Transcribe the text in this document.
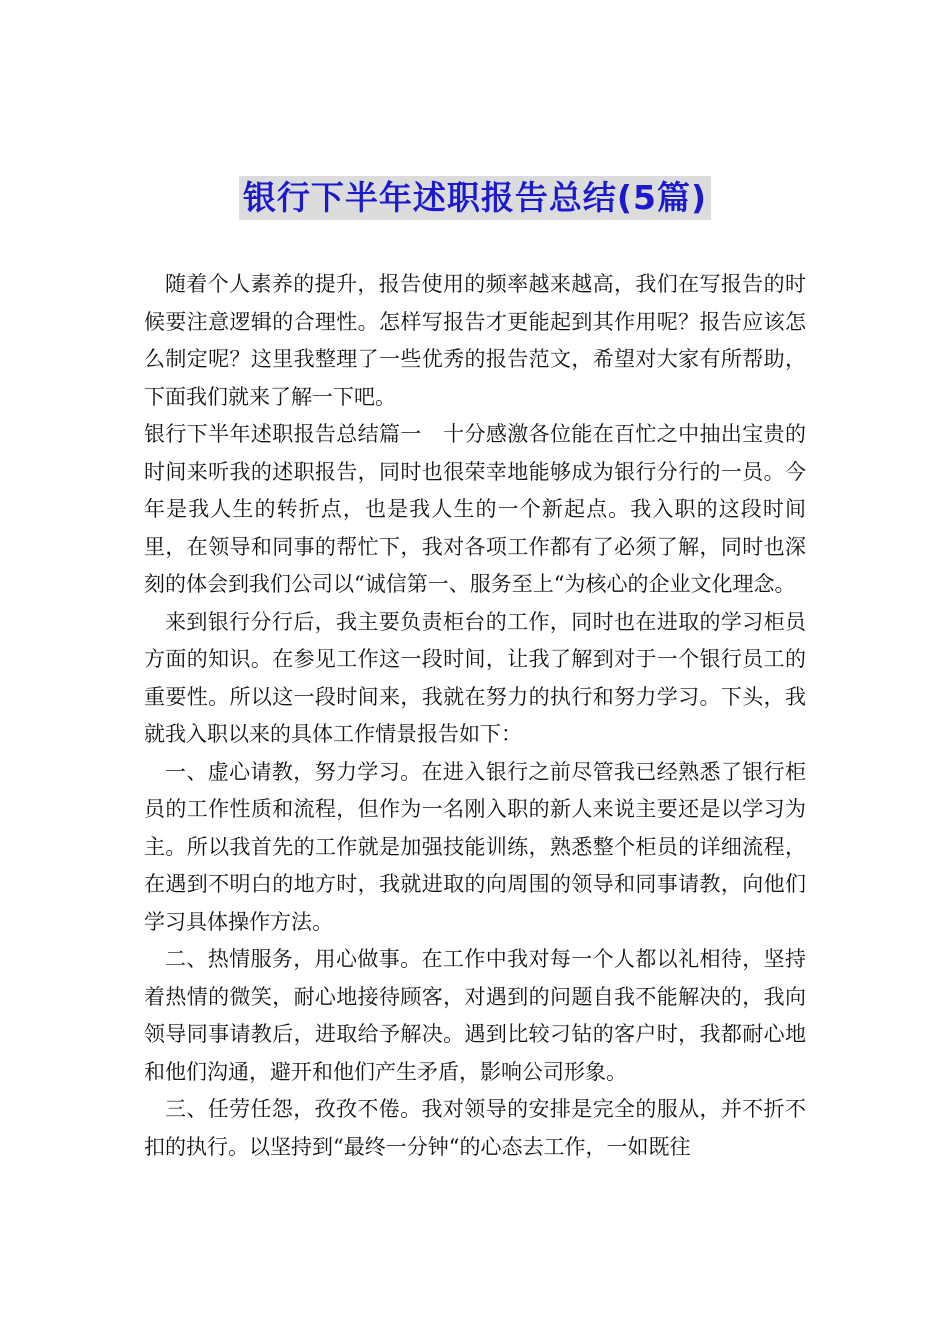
银行下半年述职报告总结(5篇)

随着个人素养的提升，报告使用的频率越来越高，我们在写报告的时候要注意逻辑的合理性。怎样写报告才更能起到其作用呢？报告应该怎么制定呢？这里我整理了一些优秀的报告范文，希望对大家有所帮助，下面我们就来了解一下吧。

银行下半年述职报告总结篇一　十分感激各位能在百忙之中抽出宝贵的时间来听我的述职报告，同时也很荣幸地能够成为银行分行的一员。今年是我人生的转折点，也是我人生的一个新起点。我入职的这段时间里，在领导和同事的帮忙下，我对各项工作都有了必须了解，同时也深刻的体会到我们公司以“诚信第一、服务至上“为核心的企业文化理念。

来到银行分行后，我主要负责柜台的工作，同时也在进取的学习柜员方面的知识。在参见工作这一段时间，让我了解到对于一个银行员工的重要性。所以这一段时间来，我就在努力的执行和努力学习。下头，我就我入职以来的具体工作情景报告如下：

一、虚心请教，努力学习。在进入银行之前尽管我已经熟悉了银行柜员的工作性质和流程，但作为一名刚入职的新人来说主要还是以学习为主。所以我首先的工作就是加强技能训练，熟悉整个柜员的详细流程，在遇到不明白的地方时，我就进取的向周围的领导和同事请教，向他们学习具体操作方法。

二、热情服务，用心做事。在工作中我对每一个人都以礼相待，坚持着热情的微笑，耐心地接待顾客，对遇到的问题自我不能解决的，我向领导同事请教后，进取给予解决。遇到比较刁钻的客户时，我都耐心地和他们沟通，避开和他们产生矛盾，影响公司形象。

三、任劳任怨，孜孜不倦。我对领导的安排是完全的服从，并不折不扣的执行。以坚持到“最终一分钟“的心态去工作，一如既往
